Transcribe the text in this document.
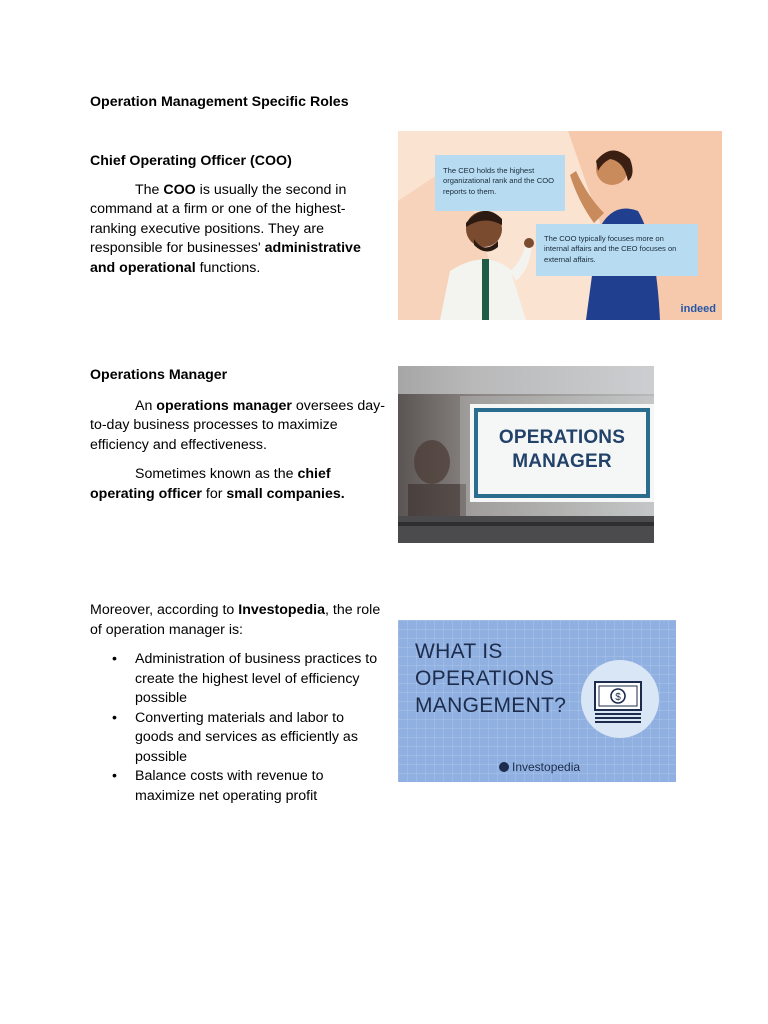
Operation Management Specific Roles
Chief Operating Officer (COO)

The COO is usually the second in command at a firm or one of the highest-ranking executive positions. They are responsible for businesses' administrative and operational functions.

Operations Manager

An operations manager oversees day-to-day business processes to maximize efficiency and effectiveness.

Sometimes known as the chief operating officer for small companies.

Moreover, according to Investopedia, the role of operation manager is:

• Administration of business practices to create the highest level of efficiency possible
• Converting materials and labor to goods and services as efficiently as possible
• Balance costs with revenue to maximize net operating profit
The CEO holds the highest organizational rank and the COO reports to them.
The COO typically focuses more on internal affairs and the CEO focuses on external affairs.
indeed
OPERATIONS
MANAGER
WHAT IS
OPERATIONS
MANGEMENT?	$
Investopedia
